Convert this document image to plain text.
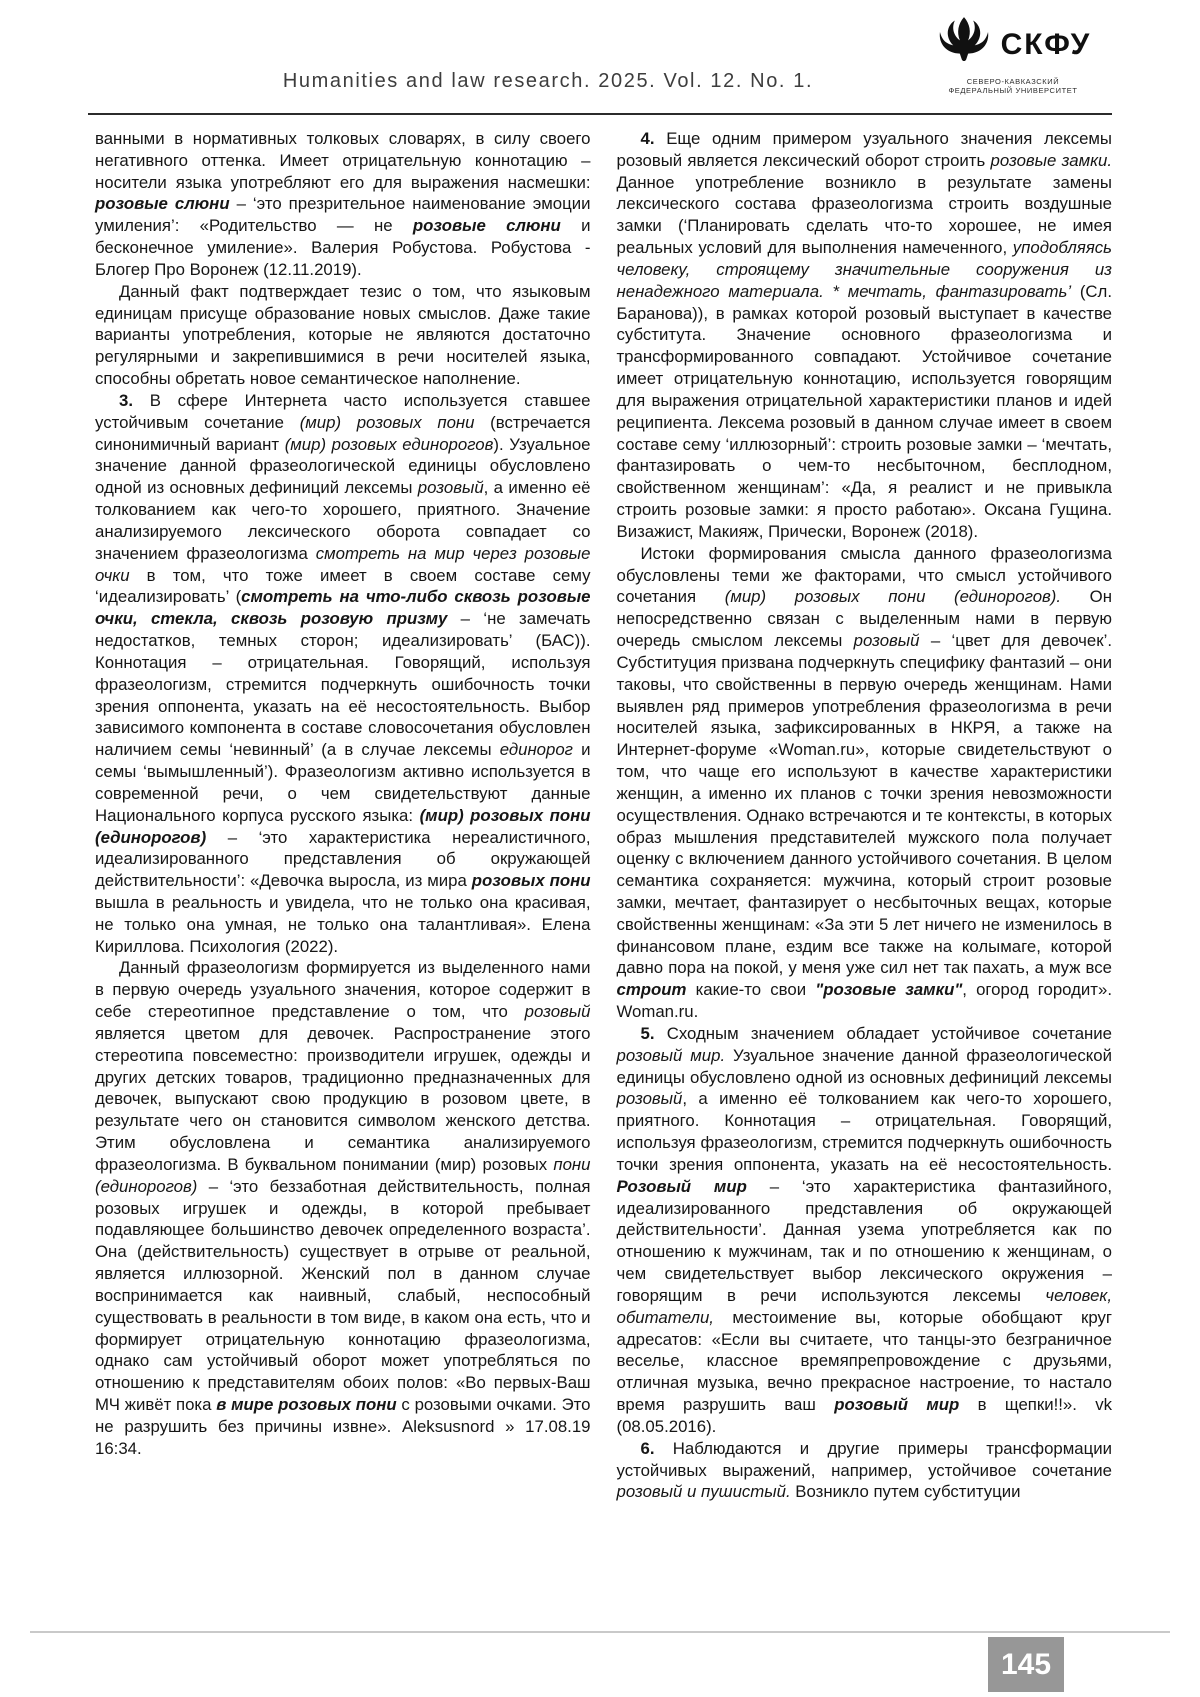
Humanities and law research. 2025. Vol. 12. No. 1.
СКФУ
СЕВЕРО-КАВКАЗСКИЙ
ФЕДЕРАЛЬНЫЙ УНИВЕРСИТЕТ

ванными в нормативных толковых словарях, в силу своего негативного оттенка. Имеет отрицательную коннотацию – носители языка употребляют его для выражения насмешки: розовые слюни – ‘это презрительное наименование эмоции умиления’: «Родительство — не розовые слюни и бесконечное умиление». Валерия Робустова. Робустова - Блогер Про Воронеж (12.11.2019).

Данный факт подтверждает тезис о том, что языковым единицам присуще образование новых смыслов. Даже такие варианты употребления, которые не являются достаточно регулярными и закрепившимися в речи носителей языка, способны обретать новое семантическое наполнение.

3. В сфере Интернета часто используется ставшее устойчивым сочетание (мир) розовых пони (встречается синонимичный вариант (мир) розовых единорогов). Узуальное значение данной фразеологической единицы обусловлено одной из основных дефиниций лексемы розовый, а именно её толкованием как чего-то хорошего, приятного. Значение анализируемого лексического оборота совпадает со значением фразеологизма смотреть на мир через розовые очки в том, что тоже имеет в своем составе сему ‘идеализировать’ (смотреть на что-либо сквозь розовые очки, стекла, сквозь розовую призму – ‘не замечать недостатков, темных сторон; идеализировать’ (БАС)). Коннотация – отрицательная. Говорящий, используя фразеологизм, стремится подчеркнуть ошибочность точки зрения оппонента, указать на её несостоятельность. Выбор зависимого компонента в составе словосочетания обусловлен наличием семы ‘невинный’ (а в случае лексемы единорог и семы ‘вымышленный’). Фразеологизм активно используется в современной речи, о чем свидетельствуют данные Национального корпуса русского языка: (мир) розовых пони (единорогов) – ‘это характеристика нереалистичного, идеализированного представления об окружающей действительности’: «Девочка выросла, из мира розовых пони вышла в реальность и увидела, что не только она красивая, не только она умная, не только она талантливая». Елена Кириллова. Психология (2022).

Данный фразеологизм формируется из выделенного нами в первую очередь узуального значения, которое содержит в себе стереотипное представление о том, что розовый является цветом для девочек. Распространение этого стереотипа повсеместно: производители игрушек, одежды и других детских товаров, традиционно предназначенных для девочек, выпускают свою продукцию в розовом цвете, в результате чего он становится символом женского детства. Этим обусловлена и семантика анализируемого фразеологизма. В буквальном понимании (мир) розовых пони (единорогов) – ‘это беззаботная действительность, полная розовых игрушек и одежды, в которой пребывает подавляющее большинство девочек определенного возраста’. Она (действительность) существует в отрыве от реальной, является иллюзорной. Женский пол в данном случае воспринимается как наивный, слабый, неспособный существовать в реальности в том виде, в каком она есть, что и формирует отрицательную коннотацию фразеологизма, однако сам устойчивый оборот может употребляться по отношению к представителям обоих полов: «Во первых-Ваш МЧ живёт пока в мире розовых пони с розовыми очками. Это не разрушить без причины извне». Aleksusnord » 17.08.19 16:34.

4. Еще одним примером узуального значения лексемы розовый является лексический оборот строить розовые замки. Данное употребление возникло в результате замены лексического состава фразеологизма строить воздушные замки (‘Планировать сделать что-то хорошее, не имея реальных условий для выполнения намеченного, уподобляясь человеку, строящему значительные сооружения из ненадежного материала. * мечтать, фантазировать’ (Сл. Баранова)), в рамках которой розовый выступает в качестве субститута. Значение основного фразеологизма и трансформированного совпадают. Устойчивое сочетание имеет отрицательную коннотацию, используется говорящим для выражения отрицательной характеристики планов и идей реципиента. Лексема розовый в данном случае имеет в своем составе сему ‘иллюзорный’: строить розовые замки – ‘мечтать, фантазировать о чем-то несбыточном, бесплодном, свойственном женщинам’: «Да, я реалист и не привыкла строить розовые замки: я просто работаю». Оксана Гущина. Визажист, Макияж, Прически, Воронеж (2018).

Истоки формирования смысла данного фразеологизма обусловлены теми же факторами, что смысл устойчивого сочетания (мир) розовых пони (единорогов). Он непосредственно связан с выделенным нами в первую очередь смыслом лексемы розовый – ‘цвет для девочек’. Субституция призвана подчеркнуть специфику фантазий – они таковы, что свойственны в первую очередь женщинам. Нами выявлен ряд примеров употребления фразеологизма в речи носителей языка, зафиксированных в НКРЯ, а также на Интернет-форуме «Woman.ru», которые свидетельствуют о том, что чаще его используют в качестве характеристики женщин, а именно их планов с точки зрения невозможности осуществления. Однако встречаются и те контексты, в которых образ мышления представителей мужского пола получает оценку с включением данного устойчивого сочетания. В целом семантика сохраняется: мужчина, который строит розовые замки, мечтает, фантазирует о несбыточных вещах, которые свойственны женщинам: «За эти 5 лет ничего не изменилось в финансовом плане, ездим все также на колымаге, которой давно пора на покой, у меня уже сил нет так пахать, а муж все строит какие-то свои "розовые замки", огород городит». Woman.ru.

5. Сходным значением обладает устойчивое сочетание розовый мир. Узуальное значение данной фразеологической единицы обусловлено одной из основных дефиниций лексемы розовый, а именно её толкованием как чего-то хорошего, приятного. Коннотация – отрицательная. Говорящий, используя фразеологизм, стремится подчеркнуть ошибочность точки зрения оппонента, указать на её несостоятельность. Розовый мир – ‘это характеристика фантазийного, идеализированного представления об окружающей действительности’. Данная узема употребляется как по отношению к мужчинам, так и по отношению к женщинам, о чем свидетельствует выбор лексического окружения – говорящим в речи используются лексемы человек, обитатели, местоимение вы, которые обобщают круг адресатов: «Если вы считаете, что танцы-это безграничное веселье, классное времяпрепровождение с друзьями, отличная музыка, вечно прекрасное настроение, то настало время разрушить ваш розовый мир в щепки!!». vk (08.05.2016).

6. Наблюдаются и другие примеры трансформации устойчивых выражений, например, устойчивое сочетание розовый и пушистый. Возникло путем субституции

145
